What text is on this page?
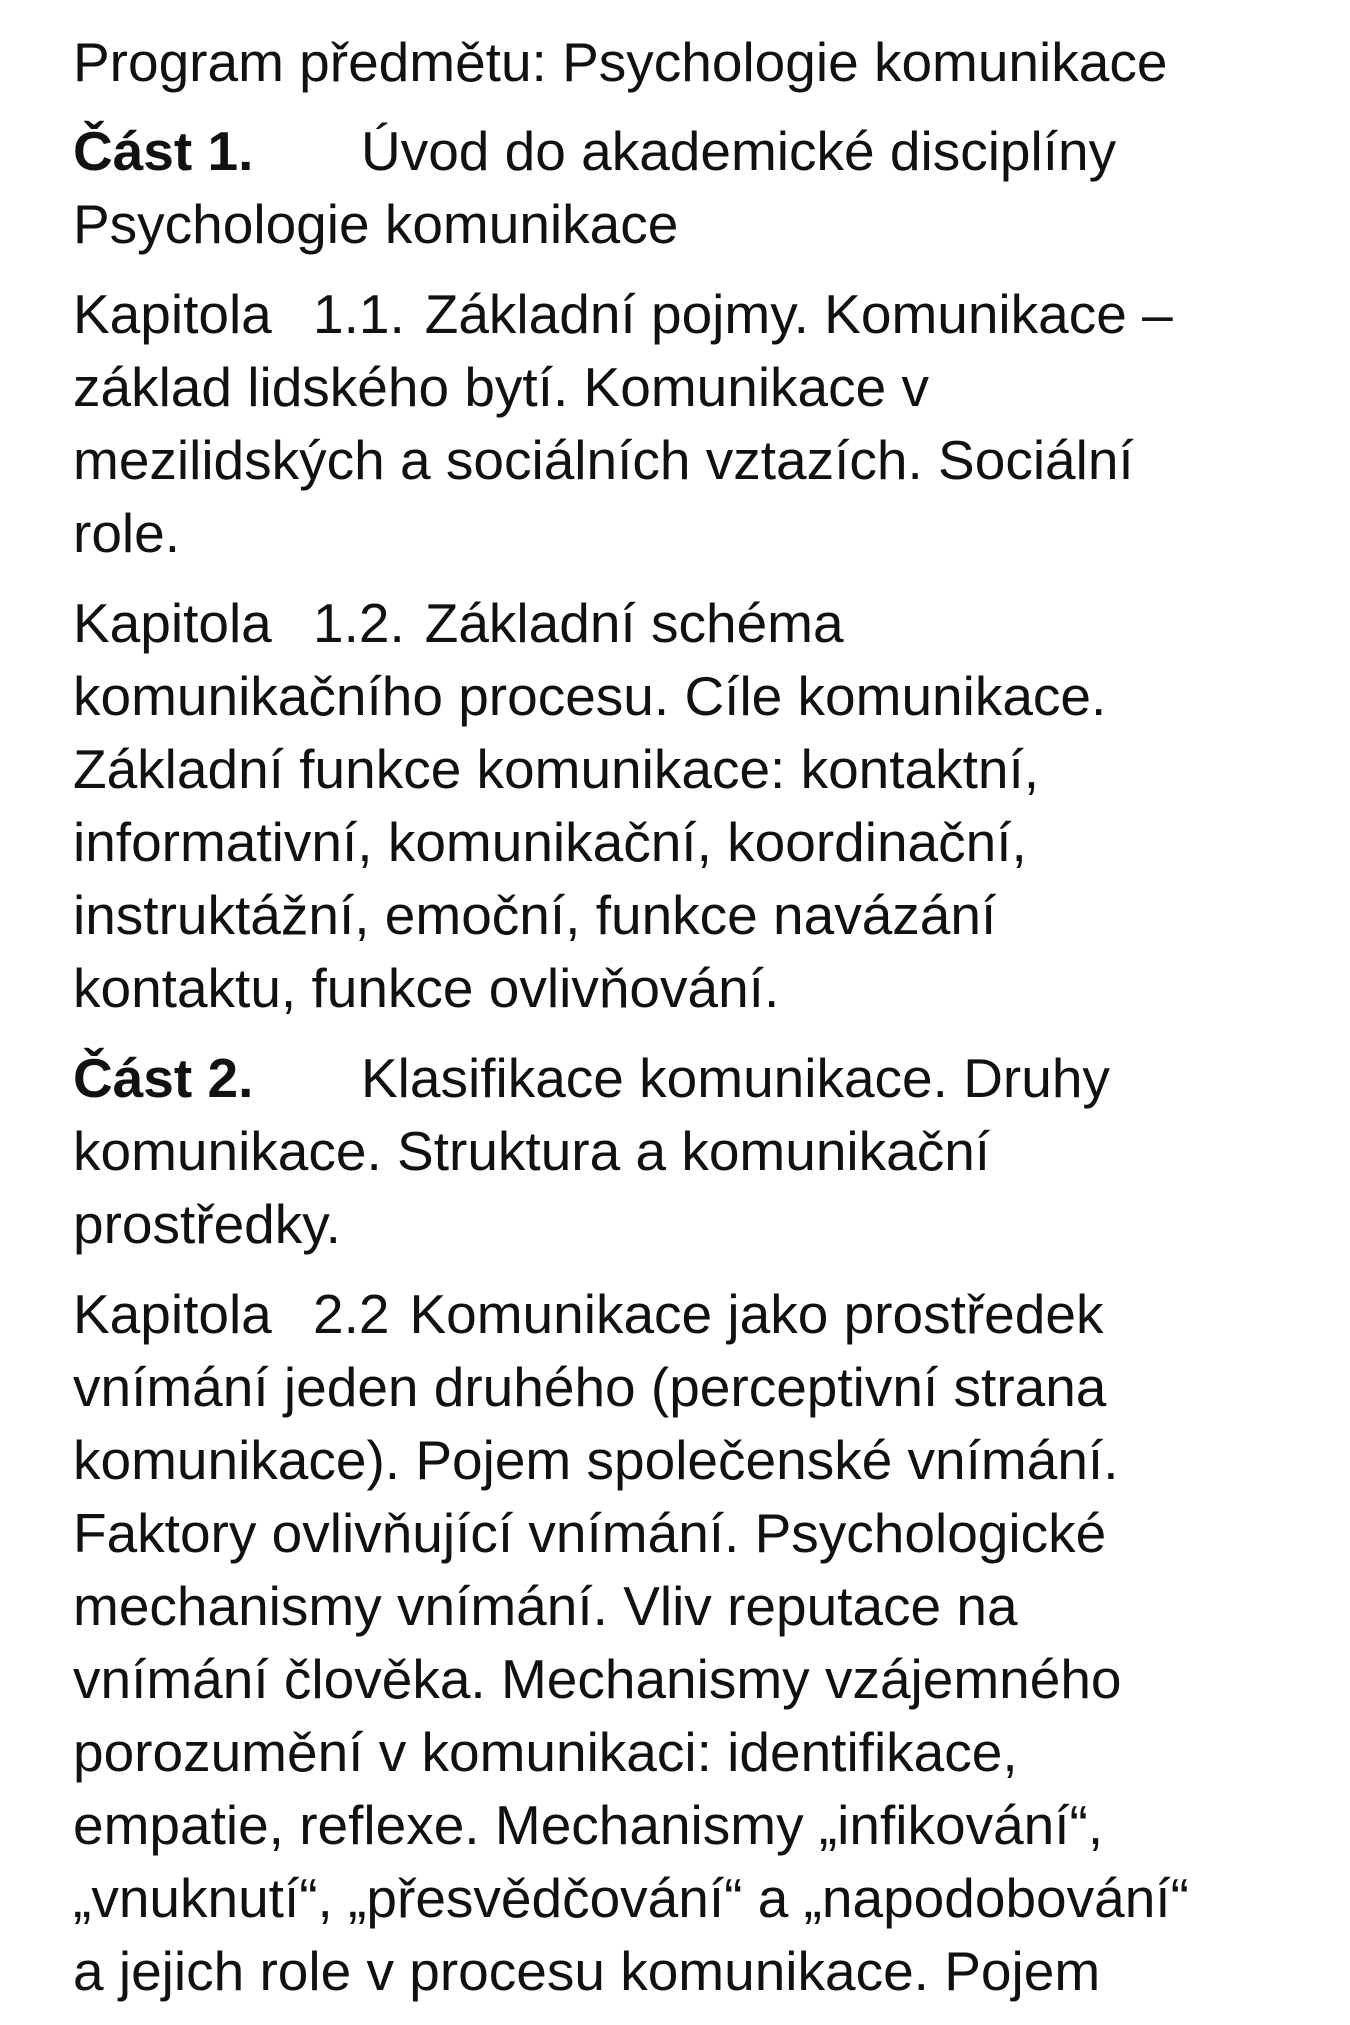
Program předmětu: Psychologie komunikace
Část 1. Úvod do akademické disciplíny
Psychologie komunikace
Kapitola 1.1. Základní pojmy. Komunikace –
základ lidského bytí. Komunikace v
mezilidských a sociálních vztazích. Sociální
role.
Kapitola 1.2. Základní schéma
komunikačního procesu. Cíle komunikace.
Základní funkce komunikace: kontaktní,
informativní, komunikační, koordinační,
instruktážní, emoční, funkce navázání
kontaktu, funkce ovlivňování.
Část 2. Klasifikace komunikace. Druhy
komunikace. Struktura a komunikační
prostředky.
Kapitola 2.2 Komunikace jako prostředek
vnímání jeden druhého (perceptivní strana
komunikace). Pojem společenské vnímání.
Faktory ovlivňující vnímání. Psychologické
mechanismy vnímání. Vliv reputace na
vnímání člověka. Mechanismy vzájemného
porozumění v komunikaci: identifikace,
empatie, reflexe. Mechanismy „infikování“,
„vnuknutí“, „přesvědčování“ a „napodobování“
a jejich role v procesu komunikace. Pojem
